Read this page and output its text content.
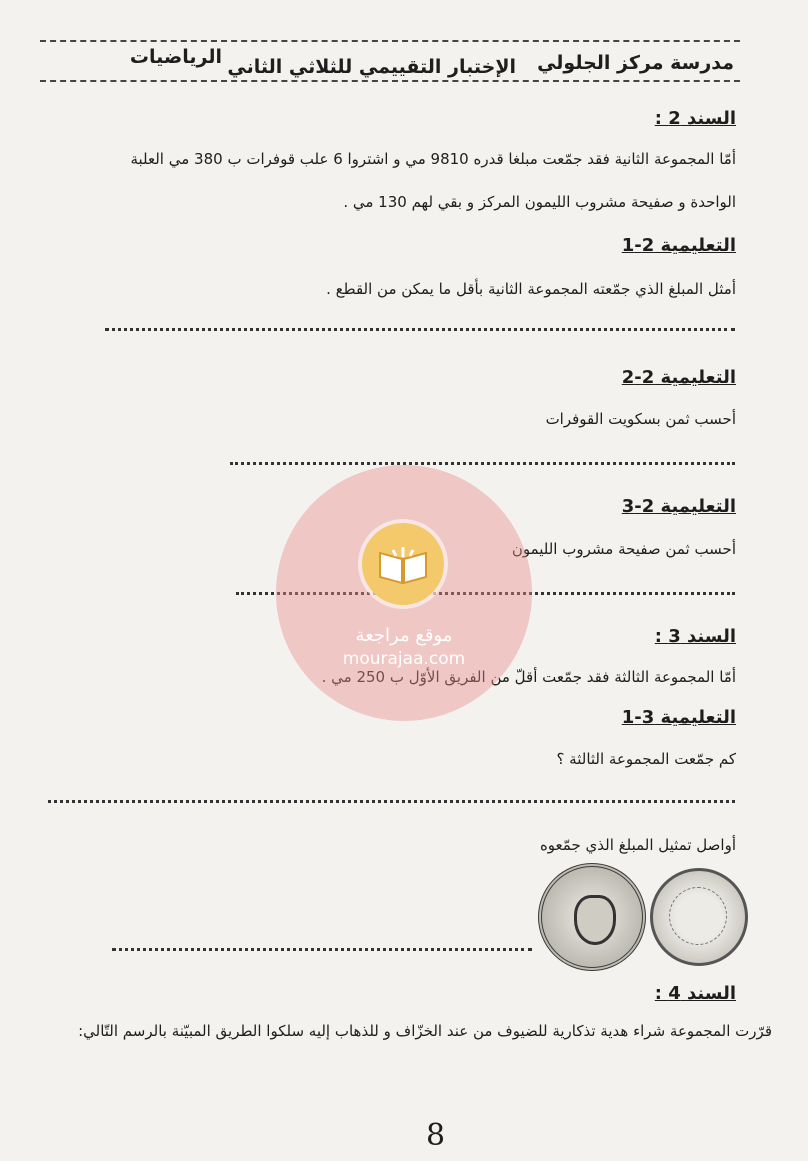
مدرسة مركز الجلولي
الإختبار التقييمي للثلاثي الثاني
الرياضيات
السند 2 :
أمّا المجموعة الثانية فقد جمّعت مبلغا قدره 9810 مي و اشتروا 6 علب قوفرات ب 380 مي العلبة
الواحدة و صفيحة مشروب الليمون المركز و بقي لهم 130 مي .
التعليمية 2-1
أمثل المبلغ الذي جمّعته المجموعة الثانية بأقل ما يمكن من القطع .
التعليمية 2-2
أحسب ثمن بسكويت القوفرات
التعليمية 2-3
أحسب ثمن صفيحة مشروب الليمون
السند 3 :
أمّا المجموعة الثالثة فقد جمّعت أقلّ من الفريق الأوّل ب 250 مي .
التعليمية 3-1
كم جمّعت المجموعة الثالثة ؟
أواصل تمثيل المبلغ الذي جمّعوه
السند 4 :
قرّرت المجموعة شراء هدية تذكارية للضيوف من عند الخزّاف و للذهاب إليه سلكوا الطريق المبيّنة بالرسم التّالي:
8
موقع مراجعة
mourajaa.com
